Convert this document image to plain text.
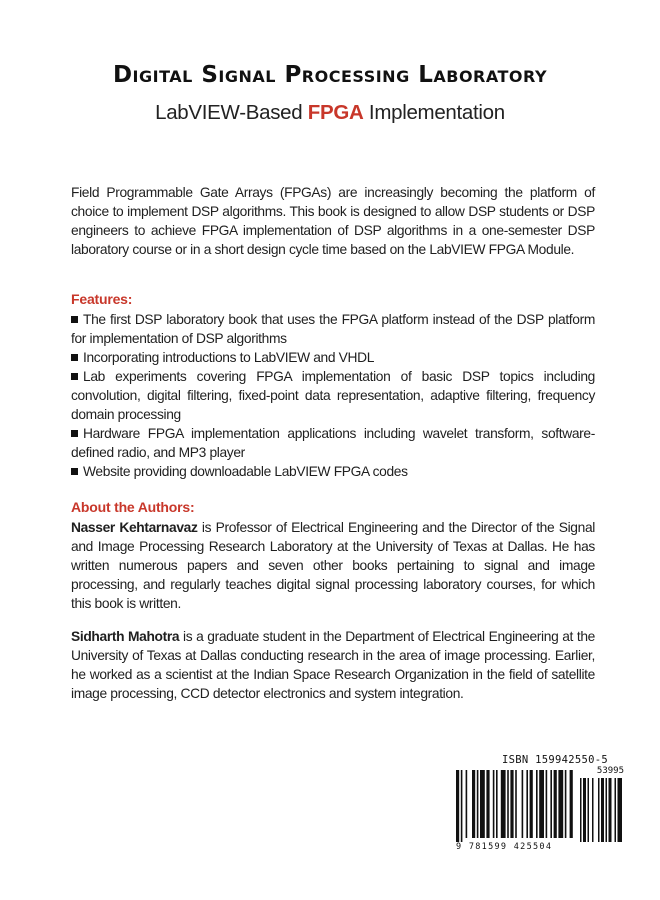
Digital Signal Processing Laboratory
LabVIEW-Based FPGA Implementation
Field Programmable Gate Arrays (FPGAs) are increasingly becoming the platform of choice to implement DSP algorithms. This book is designed to allow DSP students or DSP engineers to achieve FPGA implementation of DSP algorithms in a one-semester DSP laboratory course or in a short design cycle time based on the LabVIEW FPGA Module.
Features:

The first DSP laboratory book that uses the FPGA platform instead of the DSP platform for implementation of DSP algorithms

Incorporating introductions to LabVIEW and VHDL

Lab experiments covering FPGA implementation of basic DSP topics including convolution, digital filtering, fixed-point data representation, adaptive filtering, frequency domain processing

Hardware FPGA implementation applications including wavelet transform, software-defined radio, and MP3 player

Website providing downloadable LabVIEW FPGA codes

About the Authors:
Nasser Kehtarnavaz is Professor of Electrical Engineering and the Director of the Signal and Image Processing Research Laboratory at the University of Texas at Dallas. He has written numerous papers and seven other books pertaining to signal and image processing, and regularly teaches digital signal processing laboratory courses, for which this book is written.
Sidharth Mahotra is a graduate student in the Department of Electrical Engineering at the University of Texas at Dallas conducting research in the area of image processing. Earlier, he worked as a scientist at the Indian Space Research Organization in the field of satellite image processing, CCD detector electronics and system integration.
ISBN 159942550-5
53995
9 781599 425504
